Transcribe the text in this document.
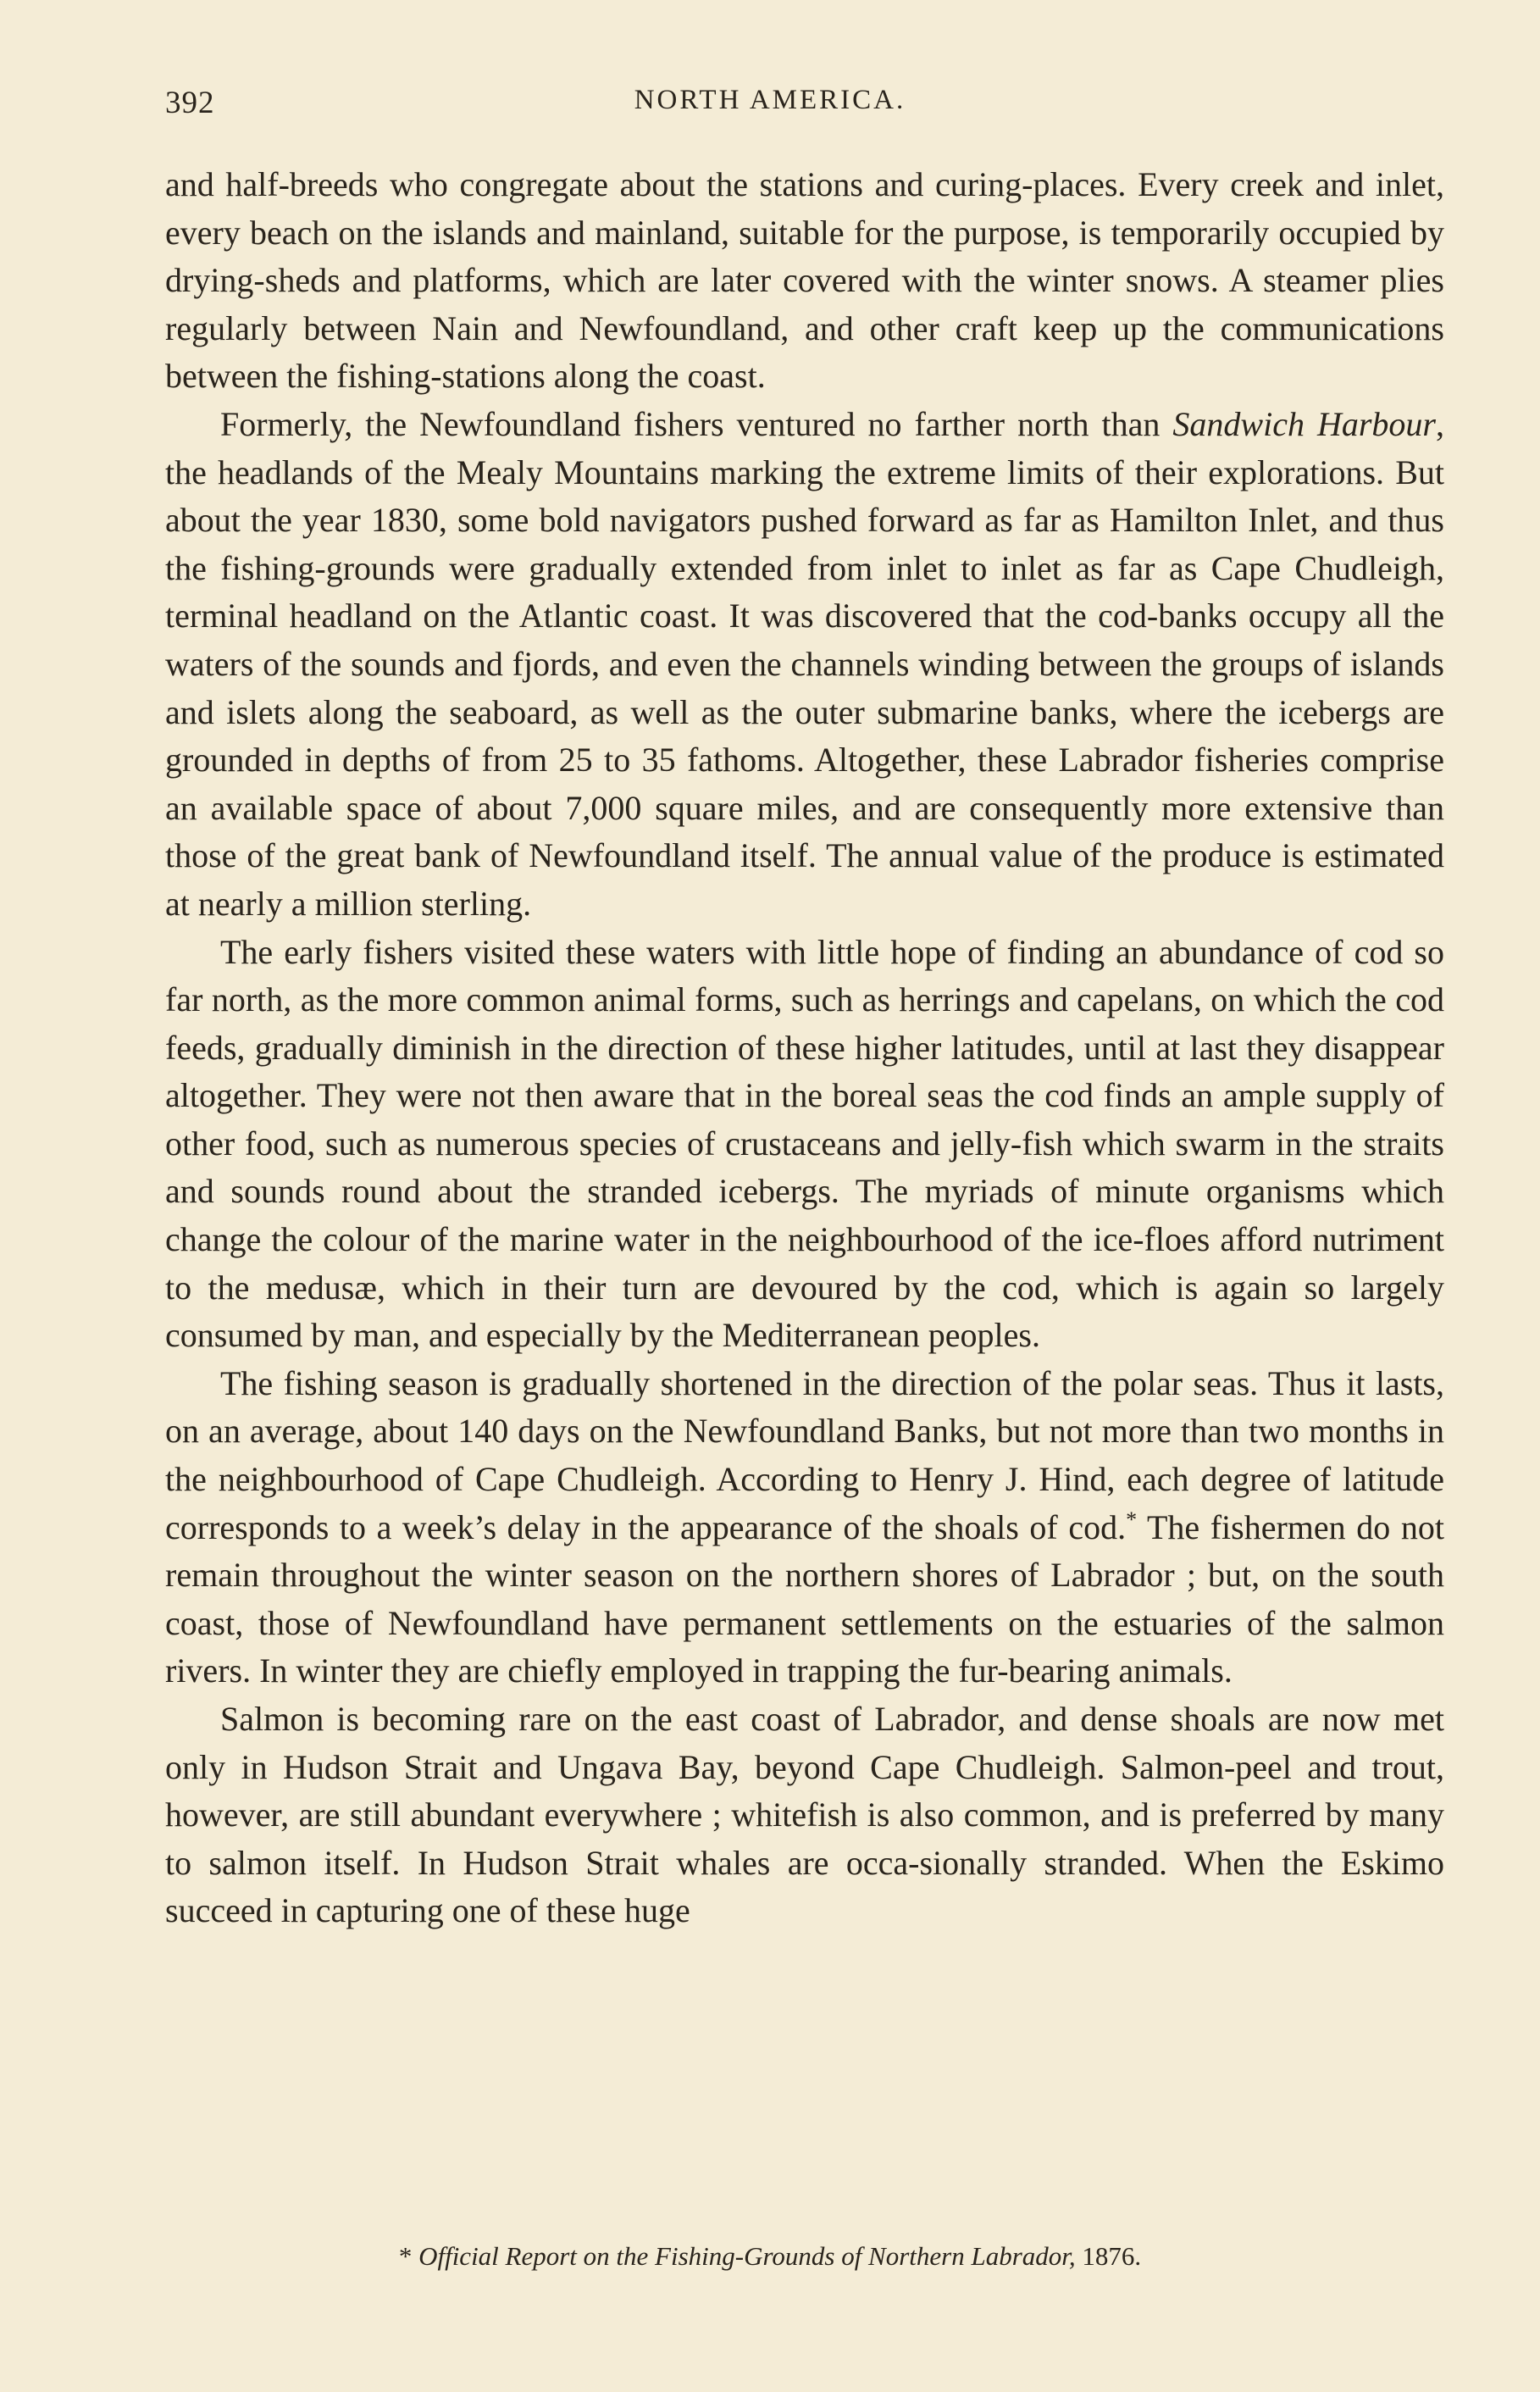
392	NORTH AMERICA.

and half-breeds who congregate about the stations and curing-places. Every creek and inlet, every beach on the islands and mainland, suitable for the purpose, is temporarily occupied by drying-sheds and platforms, which are later covered with the winter snows. A steamer plies regularly between Nain and Newfoundland, and other craft keep up the communications between the fishing-stations along the coast.

Formerly, the Newfoundland fishers ventured no farther north than Sandwich Harbour, the headlands of the Mealy Mountains marking the extreme limits of their explorations. But about the year 1830, some bold navigators pushed forward as far as Hamilton Inlet, and thus the fishing-grounds were gradually extended from inlet to inlet as far as Cape Chudleigh, terminal headland on the Atlantic coast. It was discovered that the cod-banks occupy all the waters of the sounds and fjords, and even the channels winding between the groups of islands and islets along the seaboard, as well as the outer submarine banks, where the icebergs are grounded in depths of from 25 to 35 fathoms. Altogether, these Labrador fisheries comprise an available space of about 7,000 square miles, and are consequently more extensive than those of the great bank of Newfoundland itself. The annual value of the produce is estimated at nearly a million sterling.

The early fishers visited these waters with little hope of finding an abundance of cod so far north, as the more common animal forms, such as herrings and capelans, on which the cod feeds, gradually diminish in the direction of these higher latitudes, until at last they disappear altogether. They were not then aware that in the boreal seas the cod finds an ample supply of other food, such as numerous species of crustaceans and jelly-fish which swarm in the straits and sounds round about the stranded icebergs. The myriads of minute organisms which change the colour of the marine water in the neighbourhood of the ice-floes afford nutriment to the medusæ, which in their turn are devoured by the cod, which is again so largely consumed by man, and especially by the Mediterranean peoples.

The fishing season is gradually shortened in the direction of the polar seas. Thus it lasts, on an average, about 140 days on the Newfoundland Banks, but not more than two months in the neighbourhood of Cape Chudleigh. According to Henry J. Hind, each degree of latitude corresponds to a week’s delay in the appearance of the shoals of cod.* The fishermen do not remain throughout the winter season on the northern shores of Labrador ; but, on the south coast, those of Newfoundland have permanent settlements on the estuaries of the salmon rivers. In winter they are chiefly employed in trapping the fur-bearing animals.

Salmon is becoming rare on the east coast of Labrador, and dense shoals are now met only in Hudson Strait and Ungava Bay, beyond Cape Chudleigh. Salmon-peel and trout, however, are still abundant everywhere ; whitefish is also common, and is preferred by many to salmon itself. In Hudson Strait whales are occa-sionally stranded. When the Eskimo succeed in capturing one of these huge

* Official Report on the Fishing-Grounds of Northern Labrador, 1876.
